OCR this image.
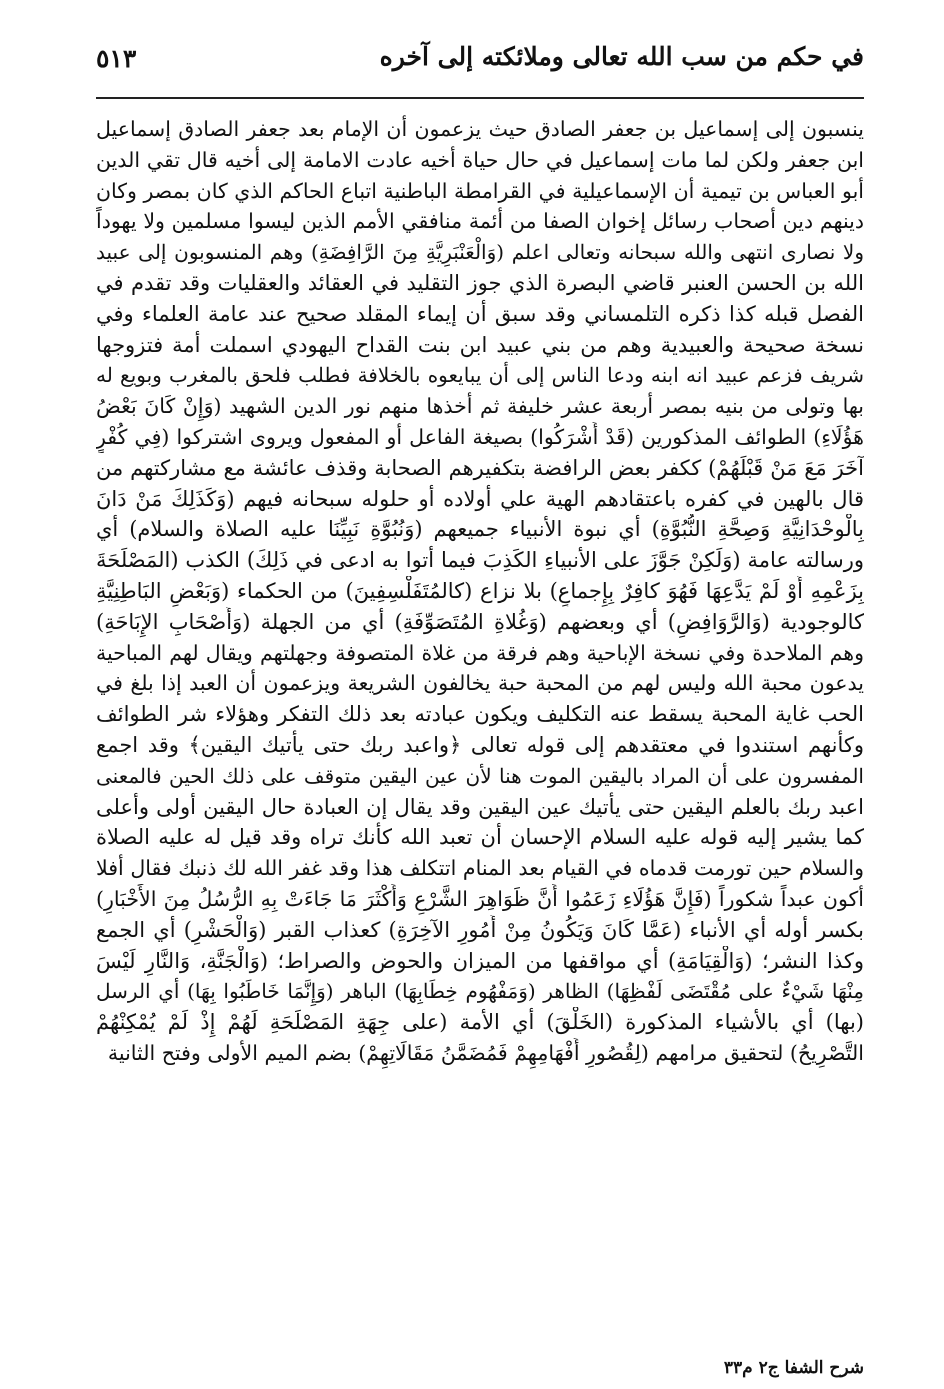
في حكم من سب الله تعالى وملائكته إلى آخره
٥١٣
ينسبون إلى إسماعيل بن جعفر الصادق حيث يزعمون أن الإمام بعد جعفر الصادق إسماعيل
ابن جعفر ولكن لما مات إسماعيل في حال حياة أخيه عادت الامامة إلى أخيه قال تقي الدين
أبو العباس بن تيمية أن الإسماعيلية في القرامطة الباطنية اتباع الحاكم الذي كان بمصر وكان
دينهم دين أصحاب رسائل إخوان الصفا من أئمة منافقي الأمم الذين ليسوا مسلمين ولا يهوداً
ولا نصارى انتهى والله سبحانه وتعالى اعلم (وَالْعَنْبَرِيَّةِ مِنَ الرَّافِضَةِ) وهم المنسوبون إلى عبيد
الله بن الحسن العنبر قاضي البصرة الذي جوز التقليد في العقائد والعقليات وقد تقدم في
الفصل قبله كذا ذكره التلمساني وقد سبق أن إيماء المقلد صحيح عند عامة العلماء وفي
نسخة صحيحة والعبيدية وهم من بني عبيد ابن بنت القداح اليهودي اسملت أمة فتزوجها
شريف فزعم عبيد انه ابنه ودعا الناس إلى أن يبايعوه بالخلافة فطلب فلحق بالمغرب وبويع له
بها وتولى من بنيه بمصر أربعة عشر خليفة ثم أخذها منهم نور الدين الشهيد (وَإِنْ كَانَ بَعْضُ
هَؤُلَاءِ) الطوائف المذكورين (قَدْ أَشْرَكُوا) بصيغة الفاعل أو المفعول ويروى اشتركوا (فِي كُفْرٍ
آخَرَ مَعَ مَنْ قَبْلَهُمْ) ككفر بعض الرافضة بتكفيرهم الصحابة وقذف عائشة مع مشاركتهم من
قال بالهين في كفره باعتقادهم الهية علي أولاده أو حلوله سبحانه فيهم (وَكَذَلِكَ مَنْ دَانَ
بِالْوحْدَانِيَّةِ وَصِحَّةِ النُّبُوَّةِ) أي نبوة الأنبياء جميعهم (وَنُبُوَّةِ نَبِيِّنَا عليه الصلاة والسلام) أي
ورسالته عامة (وَلَكِنْ جَوَّزَ على الأنبياءِ الكَذِبَ فيما أتوا به ادعى في ذَلِكَ) الكذب (المَصْلَحَةَ
بِزَعْمِهِ أَوْ لَمْ يَدَّعِهَا فَهُوَ كافِرٌ بِإِجماعٍ) بلا نزاع (كالمُتَفَلْسِفِينَ) من الحكماء (وَبَعْضِ البَاطِنِيَّةِ
كالوجودية (وَالرَّوَافِضِ) أي وبعضهم (وَغُلاةِ المُتَصَوِّفَةِ) أي من الجهلة (وَأَصْحَابِ الإِبَاحَةِ)
وهم الملاحدة وفي نسخة الإباحية وهم فرقة من غلاة المتصوفة وجهلتهم ويقال لهم المباحية
يدعون محبة الله وليس لهم من المحبة حبة يخالفون الشريعة ويزعمون أن العبد إذا بلغ في
الحب غاية المحبة يسقط عنه التكليف ويكون عبادته بعد ذلك التفكر وهؤلاء شر الطوائف
وكأنهم استندوا في معتقدهم إلى قوله تعالى ﴿واعبد ربك حتى يأتيك اليقين﴾ وقد اجمع
المفسرون على أن المراد باليقين الموت هنا لأن عين اليقين متوقف على ذلك الحين فالمعنى
اعبد ربك بالعلم اليقين حتى يأتيك عين اليقين وقد يقال إن العبادة حال اليقين أولى وأعلى
كما يشير إليه قوله عليه السلام الإحسان أن تعبد الله كأنك تراه وقد قيل له عليه الصلاة
والسلام حين تورمت قدماه في القيام بعد المنام اتتكلف هذا وقد غفر الله لك ذنبك فقال أفلا
أكون عبداً شكوراً (فَإِنَّ هَؤُلَاءِ زَعَمُوا أَنَّ ظَوَاهِرَ الشَّرْعِ وَأَكْثَرَ مَا جَاءَتْ بِهِ الرُّسُلُ مِنَ الأَخْبَارِ)
بكسر أوله أي الأنباء (عَمَّا كَانَ وَيَكُونُ مِنْ أُمُورِ الآخِرَةِ) كعذاب القبر (وَالْحَشْرِ) أي الجمع
وكذا النشر؛ (وَالْقِيَامَةِ) أي مواقفها من الميزان والحوض والصراط؛ (وَالْجَنَّةِ، وَالنَّارِ لَيْسَ
مِنْهَا شَيْءٌ على مُقْتَضَى لَفْظِهَا) الظاهر (وَمَفْهُوم خِطَابِهَا) الباهر (وَإِنَّمَا خَاطَبُوا بِهَا) أي الرسل
(بها) أي بالأشياء المذكورة (الخَلْقَ) أي الأمة (على جِهَةِ المَصْلَحَةِ لَهُمْ إِذْ لَمْ يُمْكِنْهُمْ
التَّصْرِيحُ) لتحقيق مرامهم (لِقُصُورِ أَفْهَامِهِمْ فَمُضَمَّنُ مَقَالَاتِهِمْ) بضم الميم الأولى وفتح الثانية
شرح الشفا ج٢ م٣٣
